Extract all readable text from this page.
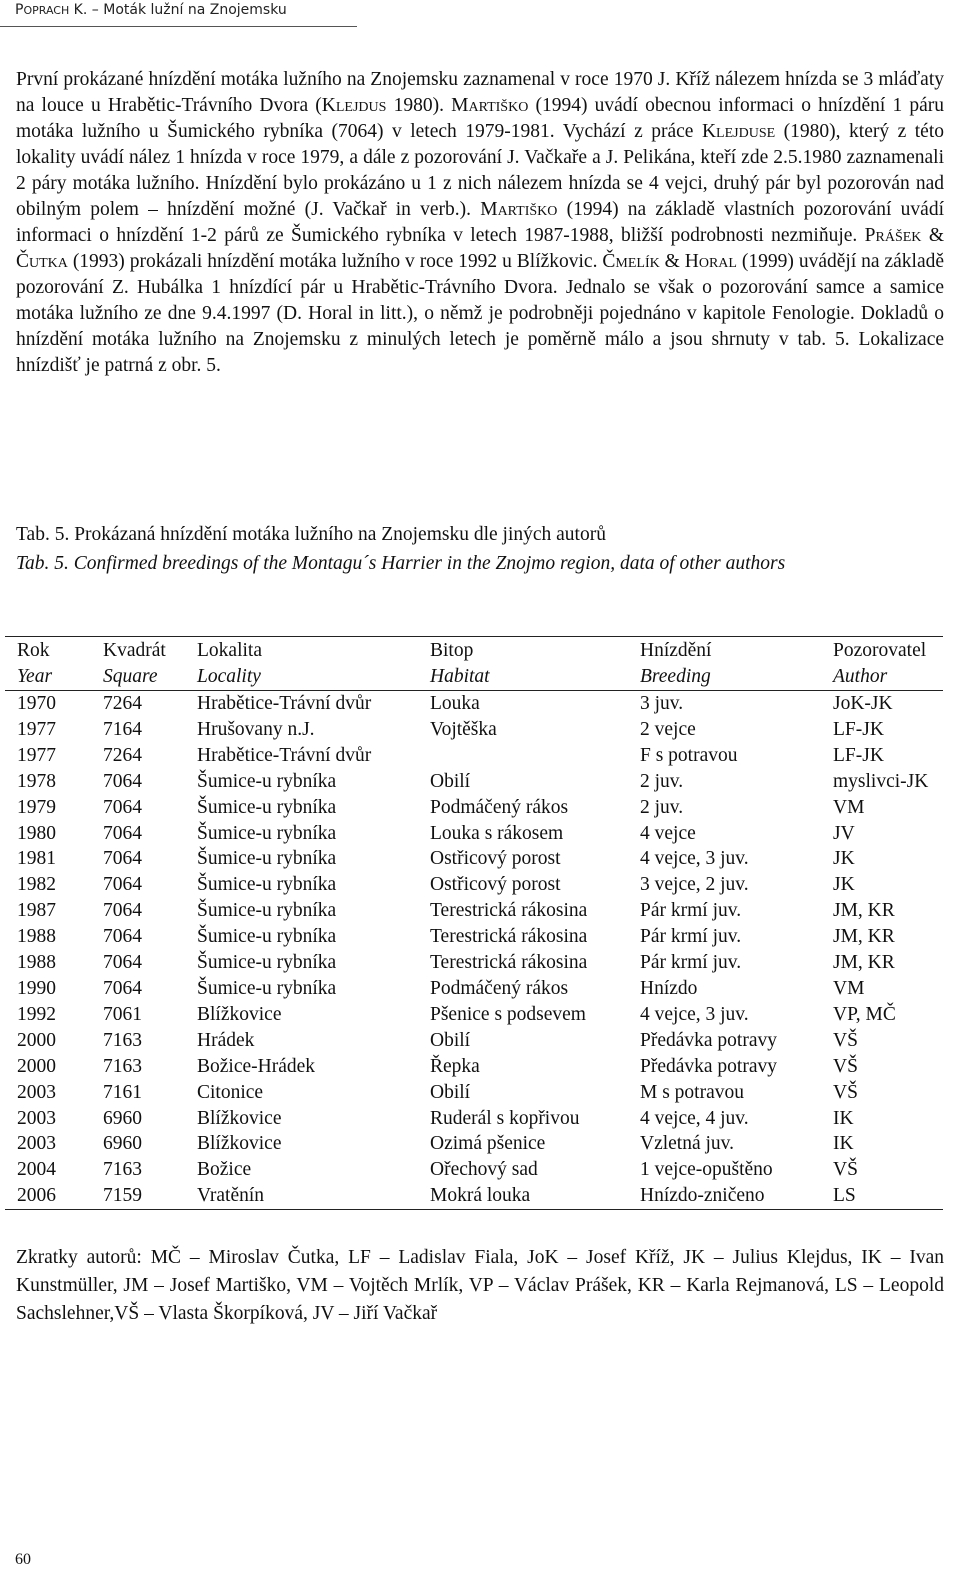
POPRACH K. – Moták lužní na Znojemsku
První prokázané hnízdění motáka lužního na Znojemsku zaznamenal v roce 1970 J. Kříž nálezem hnízda se 3 mláďaty na louce u Hrabětic-Trávního Dvora (Klejdus 1980). Martiško (1994) uvádí obecnou informaci o hnízdění 1 páru motáka lužního u Šumického rybníka (7064) v letech 1979-1981. Vychází z práce Klejduse (1980), který z této lokality uvádí nález 1 hnízda v roce 1979, a dále z pozorování J. Vačkaře a J. Pelikána, kteří zde 2.5.1980 zaznamenali 2 páry motáka lužního. Hnízdění bylo prokázáno u 1 z nich nálezem hnízda se 4 vejci, druhý pár byl pozorován nad obilným polem – hnízdění možné (J. Vačkař in verb.). Martiško (1994) na základě vlastních pozorování uvádí informaci o hnízdění 1-2 párů ze Šumického rybníka v letech 1987-1988, bližší podrobnosti nezmiňuje. Prášek & Čutka (1993) prokázali hnízdění motáka lužního v roce 1992 u Blížkovic. Čmelík & Horal (1999) uvádějí na základě pozorování Z. Hubálka 1 hnízdící pár u Hrabětic-Trávního Dvora. Jednalo se však o pozorování samce a samice motáka lužního ze dne 9.4.1997 (D. Horal in litt.), o němž je podrobněji pojednáno v kapitole Fenologie. Dokladů o hnízdění motáka lužního na Znojemsku z minulých letech je poměrně málo a jsou shrnuty v tab. 5. Lokalizace hnízdišť je patrná z obr. 5.

Tab. 5. Prokázaná hnízdění motáka lužního na Znojemsku dle jiných autorů

Tab. 5. Confirmed breedings of the Montagu´s Harrier in the Znojmo region, data of other authors

Rok	Kvadrát	Lokalita	Bitop	Hnízdění	Pozorovatel
Year	Square	Locality	Habitat	Breeding	Author
1970	7264	Hrabětice-Trávní dvůr	Louka	3 juv.	JoK-JK
1977	7164	Hrušovany n.J.	Vojtěška	2 vejce	LF-JK
1977	7264	Hrabětice-Trávní dvůr		F s potravou	LF-JK
1978	7064	Šumice-u rybníka	Obilí	2 juv.	myslivci-JK
1979	7064	Šumice-u rybníka	Podmáčený rákos	2 juv.	VM
1980	7064	Šumice-u rybníka	Louka s rákosem	4 vejce	JV
1981	7064	Šumice-u rybníka	Ostřicový porost	4 vejce, 3 juv.	JK
1982	7064	Šumice-u rybníka	Ostřicový porost	3 vejce, 2 juv.	JK
1987	7064	Šumice-u rybníka	Terestrická rákosina	Pár krmí juv.	JM, KR
1988	7064	Šumice-u rybníka	Terestrická rákosina	Pár krmí juv.	JM, KR
1988	7064	Šumice-u rybníka	Terestrická rákosina	Pár krmí juv.	JM, KR
1990	7064	Šumice-u rybníka	Podmáčený rákos	Hnízdo	VM
1992	7061	Blížkovice	Pšenice s podsevem	4 vejce, 3 juv.	VP, MČ
2000	7163	Hrádek	Obilí	Předávka potravy	VŠ
2000	7163	Božice-Hrádek	Řepka	Předávka potravy	VŠ
2003	7161	Citonice	Obilí	M s potravou	VŠ
2003	6960	Blížkovice	Ruderál s kopřivou	4 vejce, 4 juv.	IK
2003	6960	Blížkovice	Ozimá pšenice	Vzletná juv.	IK
2004	7163	Božice	Ořechový sad	1 vejce-opuštěno	VŠ
2006	7159	Vratěnín	Mokrá louka	Hnízdo-zničeno	LS

Zkratky autorů: MČ – Miroslav Čutka, LF – Ladislav Fiala, JoK – Josef Kříž, JK – Julius Klejdus, IK – Ivan Kunstmüller, JM – Josef Martiško, VM – Vojtěch Mrlík, VP – Václav Prášek, KR – Karla Rejmanová, LS – Leopold Sachslehner,VŠ – Vlasta Škorpíková, JV – Jiří Vačkař

60
